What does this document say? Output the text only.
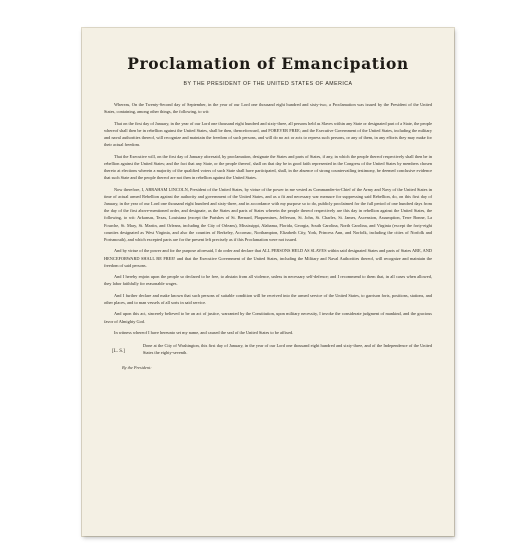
Proclamation of Emancipation
BY THE PRESIDENT OF THE UNITED STATES OF AMERICA

Whereas, On the Twenty-Second day of September, in the year of our Lord one thousand eight hundred and sixty-two, a Proclamation was issued by the President of the United States, containing, among other things, the following, to wit:

That on the first day of January, in the year of our Lord one thousand eight hundred and sixty-three, all persons held as Slaves within any State or designated part of a State, the people whereof shall then be in rebellion against the United States, shall be then, thenceforward, and FOREVER FREE; and the Executive Government of the United States, including the military and naval authorities thereof, will recognize and maintain the freedom of such persons, and will do no act or acts to repress such persons, or any of them, in any efforts they may make for their actual freedom.

That the Executive will, on the first day of January aforesaid, by proclamation, designate the States and parts of States, if any, in which the people thereof respectively shall then be in rebellion against the United States; and the fact that any State, or the people thereof, shall on that day be in good faith represented in the Congress of the United States by members chosen thereto at elections wherein a majority of the qualified voters of such State shall have participated, shall, in the absence of strong countervailing testimony, be deemed conclusive evidence that such State and the people thereof are not then in rebellion against the United States.

Now therefore, I, ABRAHAM LINCOLN, President of the United States, by virtue of the power in me vested as Commander-in-Chief of the Army and Navy of the United States in time of actual armed Rebellion against the authority and government of the United States, and as a fit and necessary war measure for suppressing said Rebellion, do, on this first day of January, in the year of our Lord one thousand eight hundred and sixty-three, and in accordance with my purpose so to do, publicly proclaimed for the full period of one hundred days from the day of the first above-mentioned order, and designate, as the States and parts of States wherein the people thereof respectively are this day in rebellion against the United States, the following, to wit: Arkansas, Texas, Louisiana (except the Parishes of St. Bernard, Plaquemines, Jefferson, St. John, St. Charles, St. James, Ascension, Assumption, Terre Bonne, La Fourche, St. Mary, St. Martin, and Orleans, including the City of Orleans), Mississippi, Alabama, Florida, Georgia, South Carolina, North Carolina, and Virginia (except the forty-eight counties designated as West Virginia, and also the counties of Berkeley, Accomac, Northampton, Elizabeth City, York, Princess Ann, and Norfolk, including the cities of Norfolk and Portsmouth), and which excepted parts are for the present left precisely as if this Proclamation were not issued.

And by virtue of the power and for the purpose aforesaid, I do order and declare that ALL PERSONS HELD AS SLAVES within said designated States and parts of States ARE, AND HENCEFORWARD SHALL BE FREE! and that the Executive Government of the United States, including the Military and Naval Authorities thereof, will recognize and maintain the freedom of said persons.

And I hereby enjoin upon the people so declared to be free, to abstain from all violence, unless in necessary self-defence; and I recommend to them that, in all cases when allowed, they labor faithfully for reasonable wages.

And I further declare and make known that such persons of suitable condition will be received into the armed service of the United States, to garrison forts, positions, stations, and other places, and to man vessels of all sorts in said service.

And upon this act, sincerely believed to be an act of justice, warranted by the Constitution, upon military necessity, I invoke the considerate judgment of mankind, and the gracious favor of Almighty God.

In witness whereof I have hereunto set my name, and caused the seal of the United States to be affixed.

[L. S.]
Done at the City of Washington, this first day of January, in the year of our Lord one thousand eight hundred and sixty-three, and of the Independence of the United States the eighty-seventh.
By the President:
